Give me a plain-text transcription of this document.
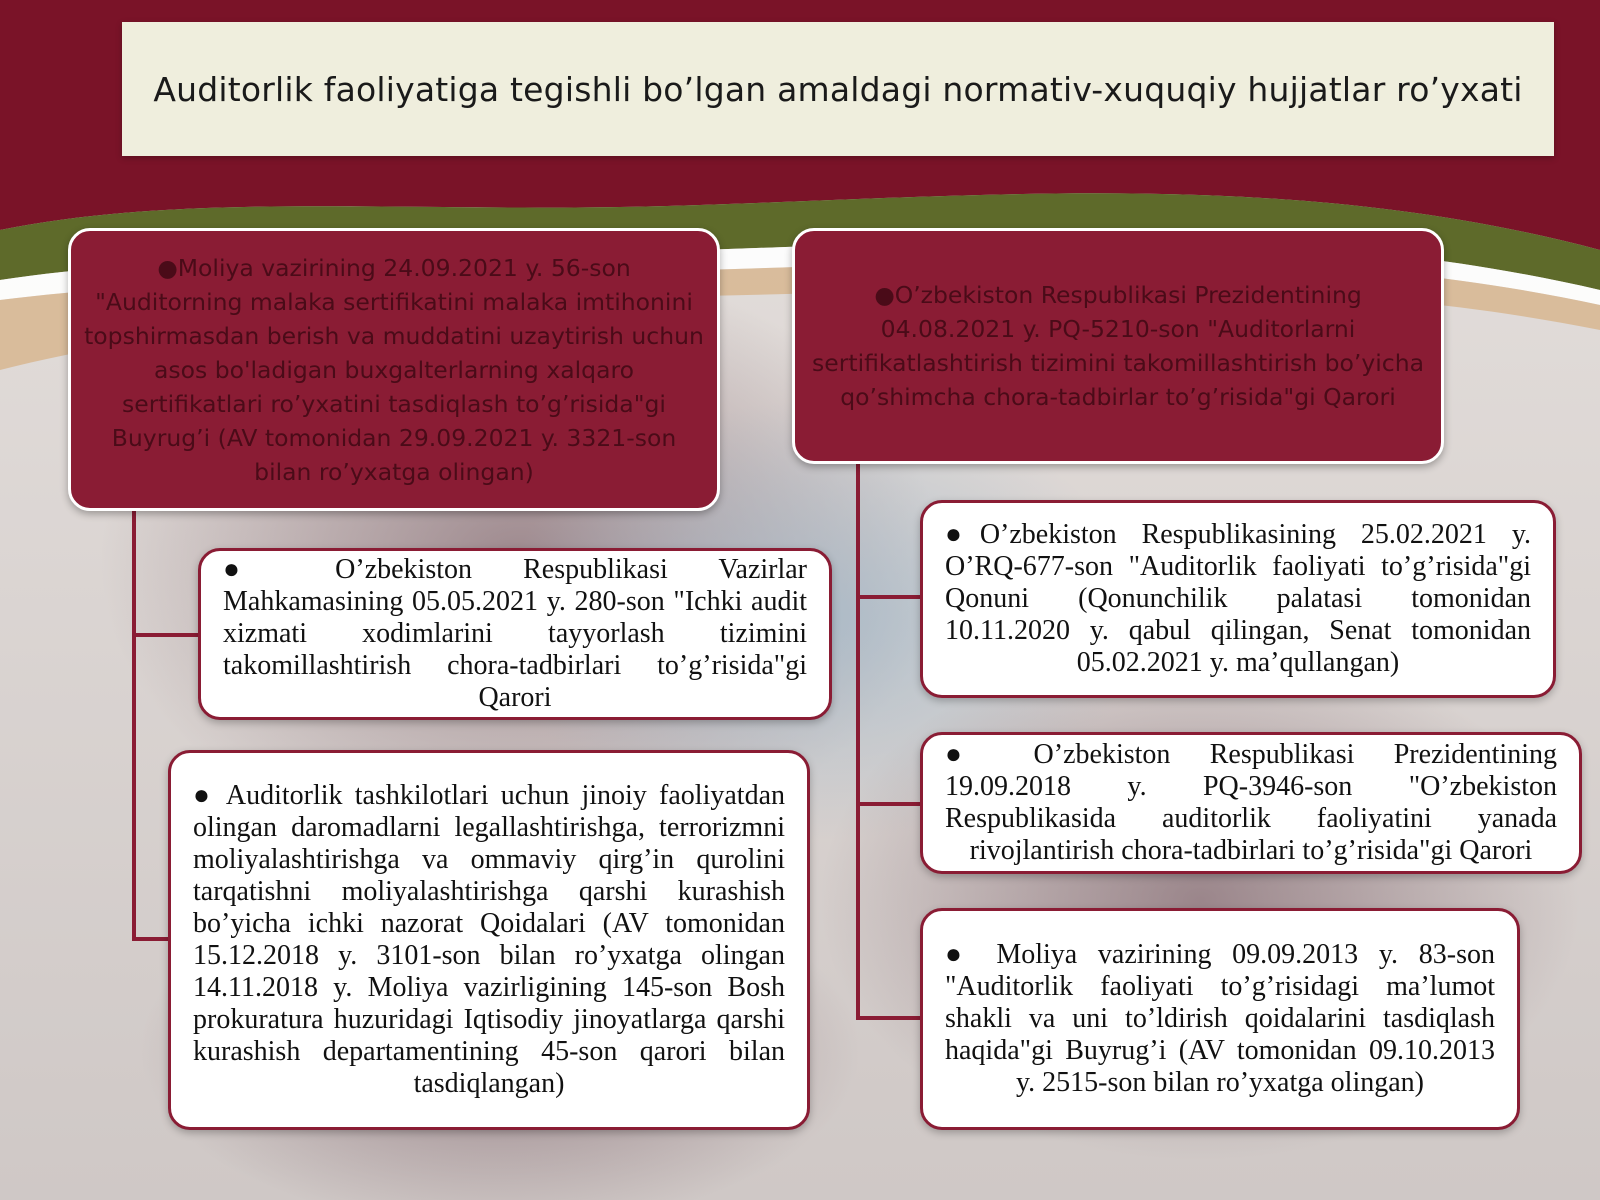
Auditorlik faoliyatiga tegishli bo’lgan amaldagi normativ-xuquqiy hujjatlar ro’yxati
●Moliya vazirining 24.09.2021 y. 56-son "Auditorning malaka sertifikatini malaka imtihonini topshirmasdan berish va muddatini uzaytirish uchun asos bo'ladigan buxgalterlarning xalqaro sertifikatlari ro’yxatini tasdiqlash to’g’risida"gi Buyrug’i (AV tomonidan 29.09.2021 y. 3321-son bilan ro’yxatga olingan)
●O’zbekiston Respublikasi Prezidentining 04.08.2021 y. PQ-5210-son "Auditorlarni sertifikatlashtirish tizimini takomillashtirish bo’yicha qo’shimcha chora-tadbirlar to’g’risida"gi Qarori
● O’zbekiston Respublikasi Vazirlar Mahkamasining 05.05.2021 y. 280-son "Ichki audit xizmati xodimlarini tayyorlash tizimini takomillashtirish chora-tadbirlari to’g’risida"gi Qarori
● Auditorlik tashkilotlari uchun jinoiy faoliyatdan olingan daromadlarni legallashtirishga, terrorizmni moliyalashtirishga va ommaviy qirg’in qurolini tarqatishni moliyalashtirishga qarshi kurashish bo’yicha ichki nazorat Qoidalari (AV tomonidan 15.12.2018 y. 3101-son bilan ro’yxatga olingan 14.11.2018 y. Moliya vazirligining 145-son Bosh prokuratura huzuridagi Iqtisodiy jinoyatlarga qarshi kurashish departamentining 45-son qarori bilan tasdiqlangan)
●O’zbekiston Respublikasining 25.02.2021 y. O’RQ-677-son "Auditorlik faoliyati to’g’risida"gi Qonuni (Qonunchilik palatasi tomonidan 10.11.2020 y. qabul qilingan, Senat tomonidan 05.02.2021 y. ma’qullangan)
● O’zbekiston Respublikasi Prezidentining 19.09.2018 y. PQ-3946-son "O’zbekiston Respublikasida auditorlik faoliyatini yanada rivojlantirish chora-tadbirlari to’g’risida"gi Qarori
● Moliya vazirining 09.09.2013 y. 83-son "Auditorlik faoliyati to’g’risidagi ma’lumot shakli va uni to’ldirish qoidalarini tasdiqlash haqida"gi Buyrug’i (AV tomonidan 09.10.2013 y. 2515-son bilan ro’yxatga olingan)
